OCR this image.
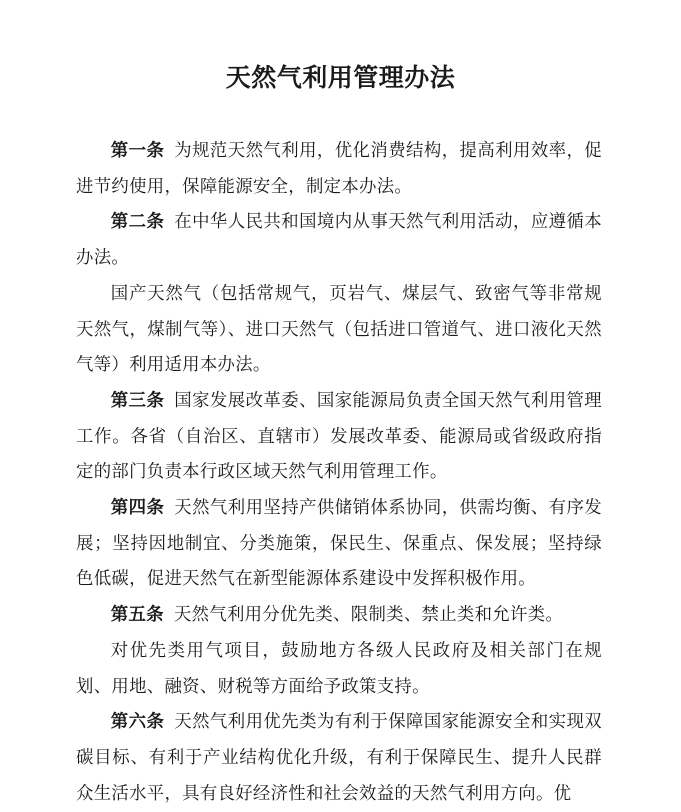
天然气利用管理办法

第一条 为规范天然气利用，优化消费结构，提高利用效率，促进节约使用，保障能源安全，制定本办法。

第二条 在中华人民共和国境内从事天然气利用活动，应遵循本办法。

国产天然气（包括常规气，页岩气、煤层气、致密气等非常规天然气，煤制气等）、进口天然气（包括进口管道气、进口液化天然气等）利用适用本办法。

第三条 国家发展改革委、国家能源局负责全国天然气利用管理工作。各省（自治区、直辖市）发展改革委、能源局或省级政府指定的部门负责本行政区域天然气利用管理工作。

第四条 天然气利用坚持产供储销体系协同，供需均衡、有序发展；坚持因地制宜、分类施策，保民生、保重点、保发展；坚持绿色低碳，促进天然气在新型能源体系建设中发挥积极作用。

第五条 天然气利用分优先类、限制类、禁止类和允许类。

对优先类用气项目，鼓励地方各级人民政府及相关部门在规划、用地、融资、财税等方面给予政策支持。

第六条 天然气利用优先类为有利于保障国家能源安全和实现双碳目标、有利于产业结构优化升级，有利于保障民生、提升人民群众生活水平，具有良好经济性和社会效益的天然气利用方向。优
